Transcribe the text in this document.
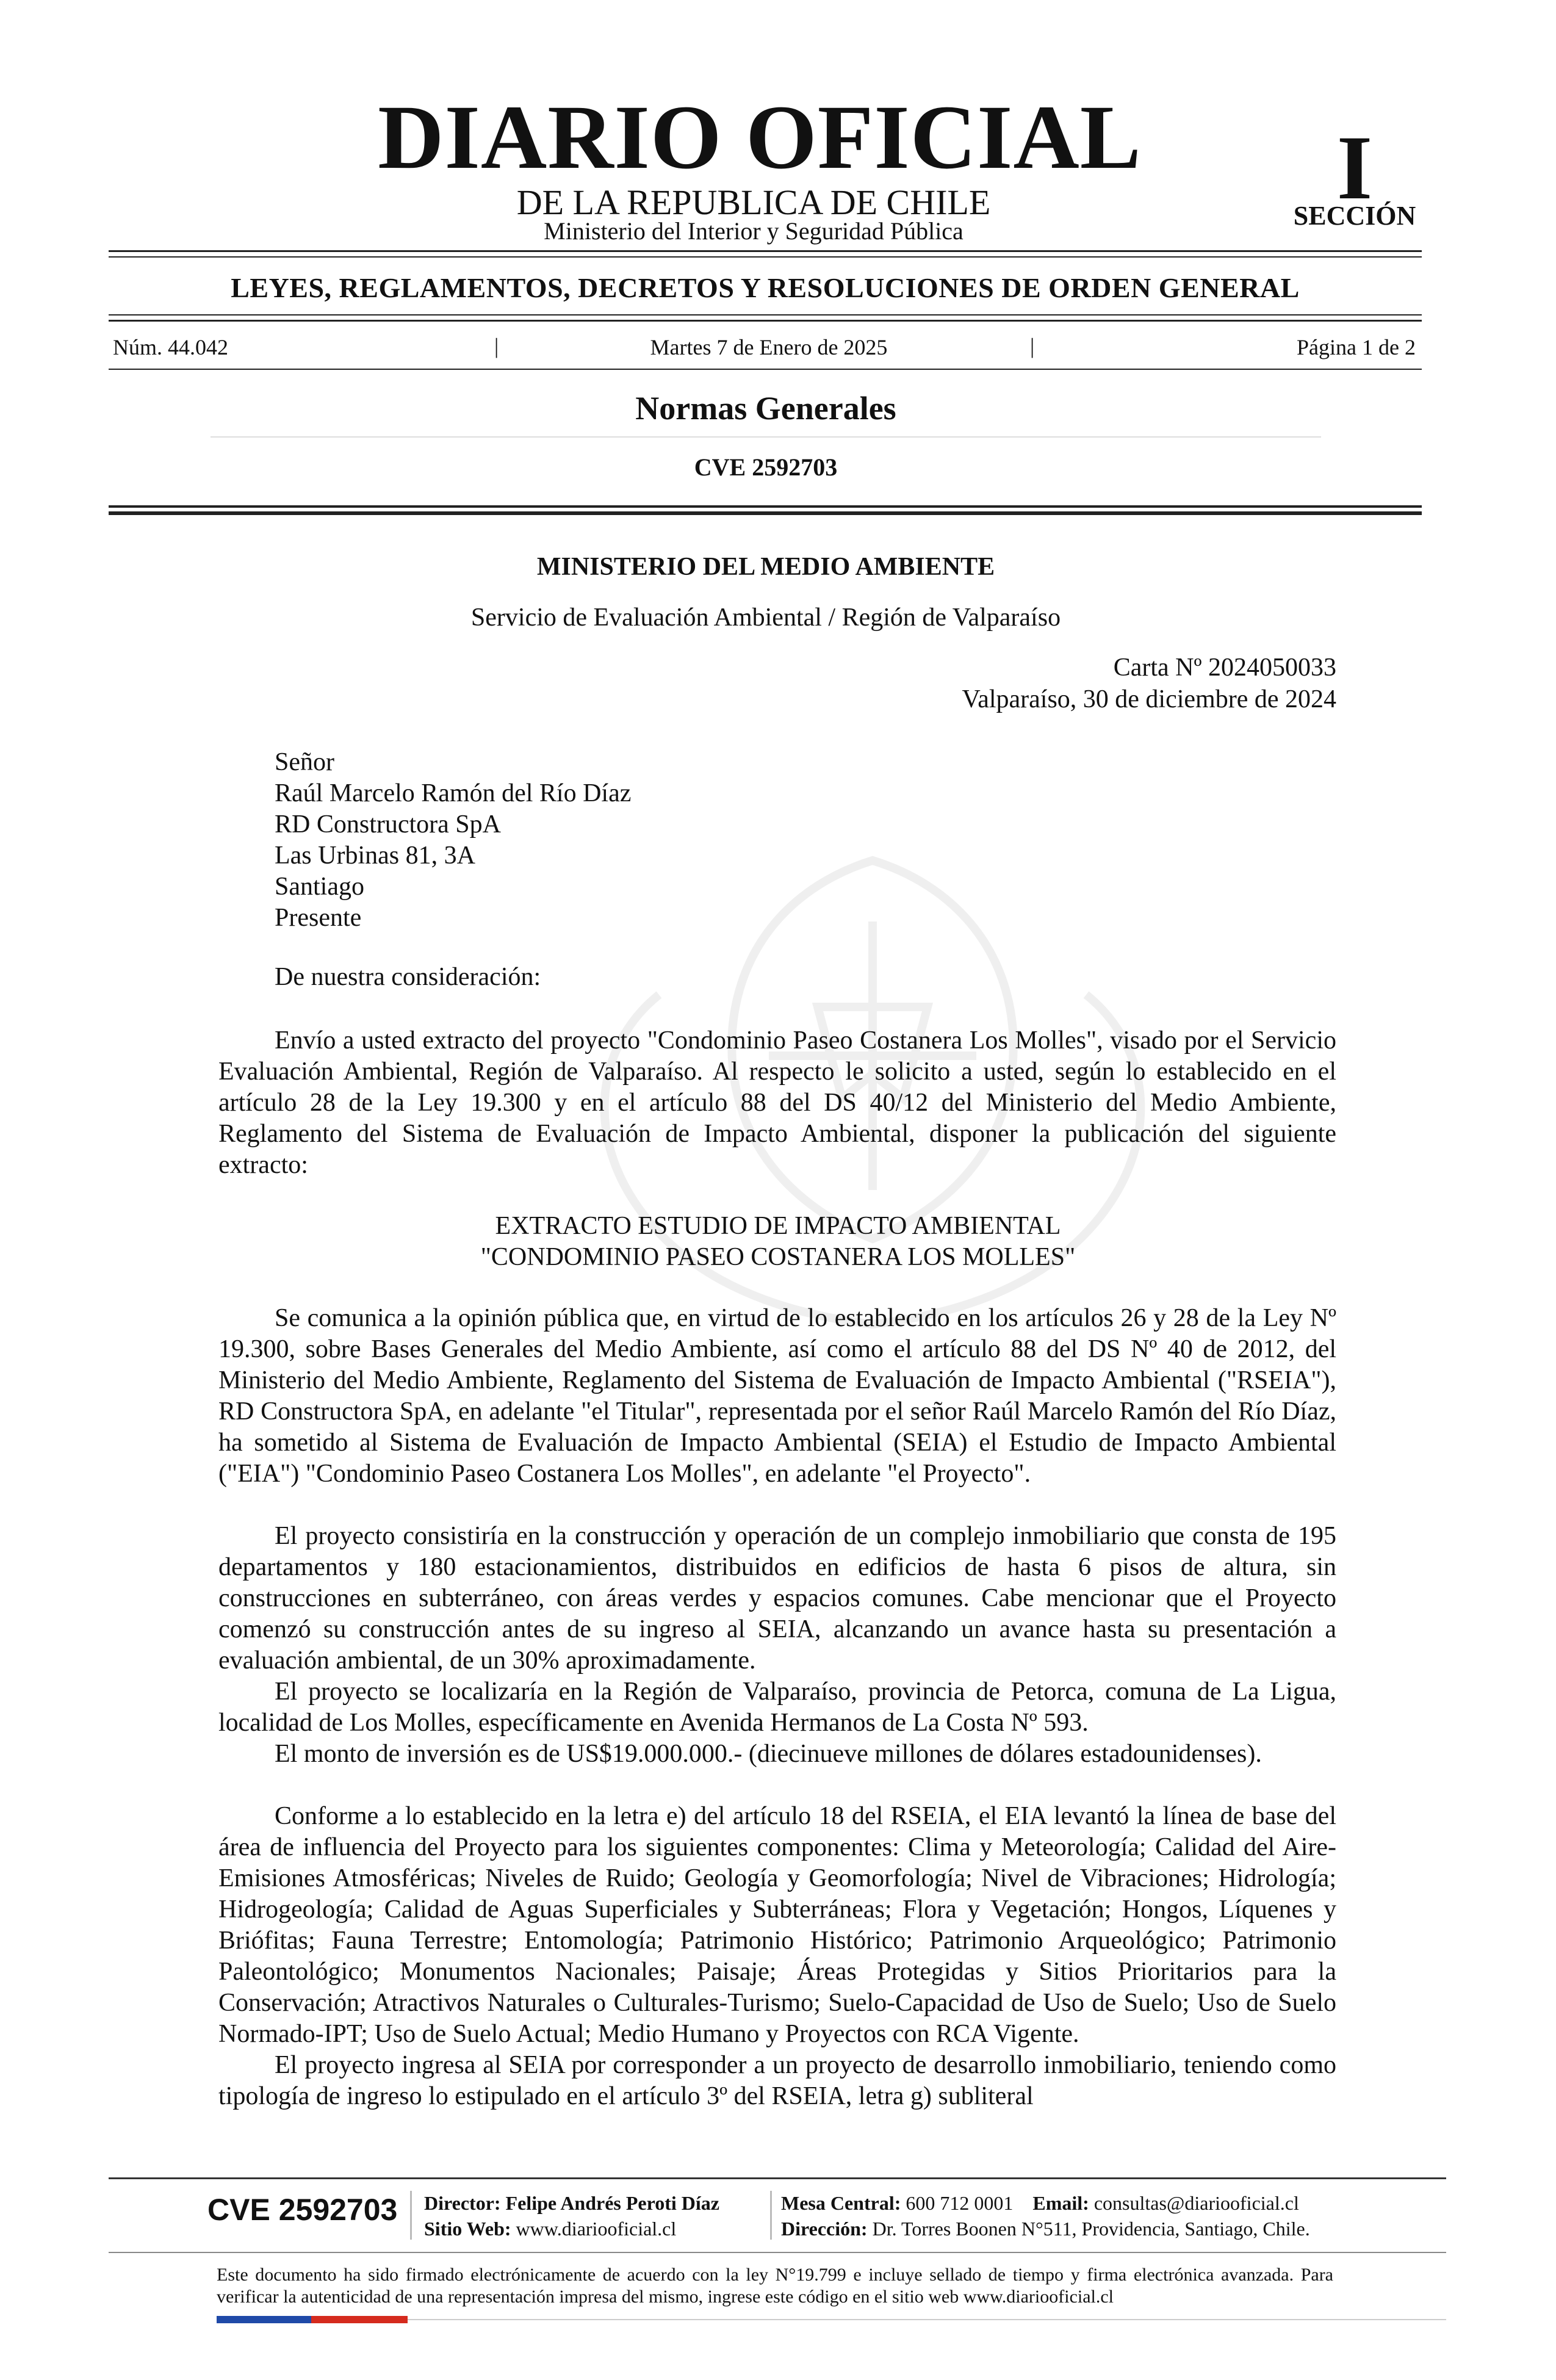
DIARIO OFICIAL
DE LA REPUBLICA DE CHILE
Ministerio del Interior y Seguridad Pública
I
SECCIÓN
LEYES, REGLAMENTOS, DECRETOS Y RESOLUCIONES DE ORDEN GENERAL
Núm. 44.042	|	Martes 7 de Enero de 2025	|	Página 1 de 2
Normas Generales
CVE 2592703
MINISTERIO DEL MEDIO AMBIENTE
Servicio de Evaluación Ambiental / Región de Valparaíso
Carta Nº 2024050033
Valparaíso, 30 de diciembre de 2024
Señor
Raúl Marcelo Ramón del Río Díaz
RD Constructora SpA
Las Urbinas 81, 3A
Santiago
Presente
De nuestra consideración:

Envío a usted extracto del proyecto "Condominio Paseo Costanera Los Molles", visado por el Servicio Evaluación Ambiental, Región de Valparaíso. Al respecto le solicito a usted, según lo establecido en el artículo 28 de la Ley 19.300 y en el artículo 88 del DS 40/12 del Ministerio del Medio Ambiente, Reglamento del Sistema de Evaluación de Impacto Ambiental, disponer la publicación del siguiente extracto:

EXTRACTO ESTUDIO DE IMPACTO AMBIENTAL
"CONDOMINIO PASEO COSTANERA LOS MOLLES"

Se comunica a la opinión pública que, en virtud de lo establecido en los artículos 26 y 28 de la Ley Nº 19.300, sobre Bases Generales del Medio Ambiente, así como el artículo 88 del DS Nº 40 de 2012, del Ministerio del Medio Ambiente, Reglamento del Sistema de Evaluación de Impacto Ambiental ("RSEIA"), RD Constructora SpA, en adelante "el Titular", representada por el señor Raúl Marcelo Ramón del Río Díaz, ha sometido al Sistema de Evaluación de Impacto Ambiental (SEIA) el Estudio de Impacto Ambiental ("EIA") "Condominio Paseo Costanera Los Molles", en adelante "el Proyecto".

El proyecto consistiría en la construcción y operación de un complejo inmobiliario que consta de 195 departamentos y 180 estacionamientos, distribuidos en edificios de hasta 6 pisos de altura, sin construcciones en subterráneo, con áreas verdes y espacios comunes. Cabe mencionar que el Proyecto comenzó su construcción antes de su ingreso al SEIA, alcanzando un avance hasta su presentación a evaluación ambiental, de un 30% aproximadamente.

El proyecto se localizaría en la Región de Valparaíso, provincia de Petorca, comuna de La Ligua, localidad de Los Molles, específicamente en Avenida Hermanos de La Costa Nº 593.

El monto de inversión es de US$19.000.000.- (diecinueve millones de dólares estadounidenses).

Conforme a lo establecido en la letra e) del artículo 18 del RSEIA, el EIA levantó la línea de base del área de influencia del Proyecto para los siguientes componentes: Clima y Meteorología; Calidad del Aire-Emisiones Atmosféricas; Niveles de Ruido; Geología y Geomorfología; Nivel de Vibraciones; Hidrología; Hidrogeología; Calidad de Aguas Superficiales y Subterráneas; Flora y Vegetación; Hongos, Líquenes y Briófitas; Fauna Terrestre; Entomología; Patrimonio Histórico; Patrimonio Arqueológico; Patrimonio Paleontológico; Monumentos Nacionales; Paisaje; Áreas Protegidas y Sitios Prioritarios para la Conservación; Atractivos Naturales o Culturales-Turismo; Suelo-Capacidad de Uso de Suelo; Uso de Suelo Normado-IPT; Uso de Suelo Actual; Medio Humano y Proyectos con RCA Vigente.

El proyecto ingresa al SEIA por corresponder a un proyecto de desarrollo inmobiliario, teniendo como tipología de ingreso lo estipulado en el artículo 3º del RSEIA, letra g) subliteral

CVE 2592703 Director: Felipe Andrés Peroti Díaz
Sitio Web: www.diariooficial.cl
Mesa Central: 600 712 0001 Email: consultas@diariooficial.cl
Dirección: Dr. Torres Boonen N°511, Providencia, Santiago, Chile.
Este documento ha sido firmado electrónicamente de acuerdo con la ley N°19.799 e incluye sellado de tiempo y firma electrónica avanzada. Para verificar la autenticidad de una representación impresa del mismo, ingrese este código en el sitio web www.diariooficial.cl
